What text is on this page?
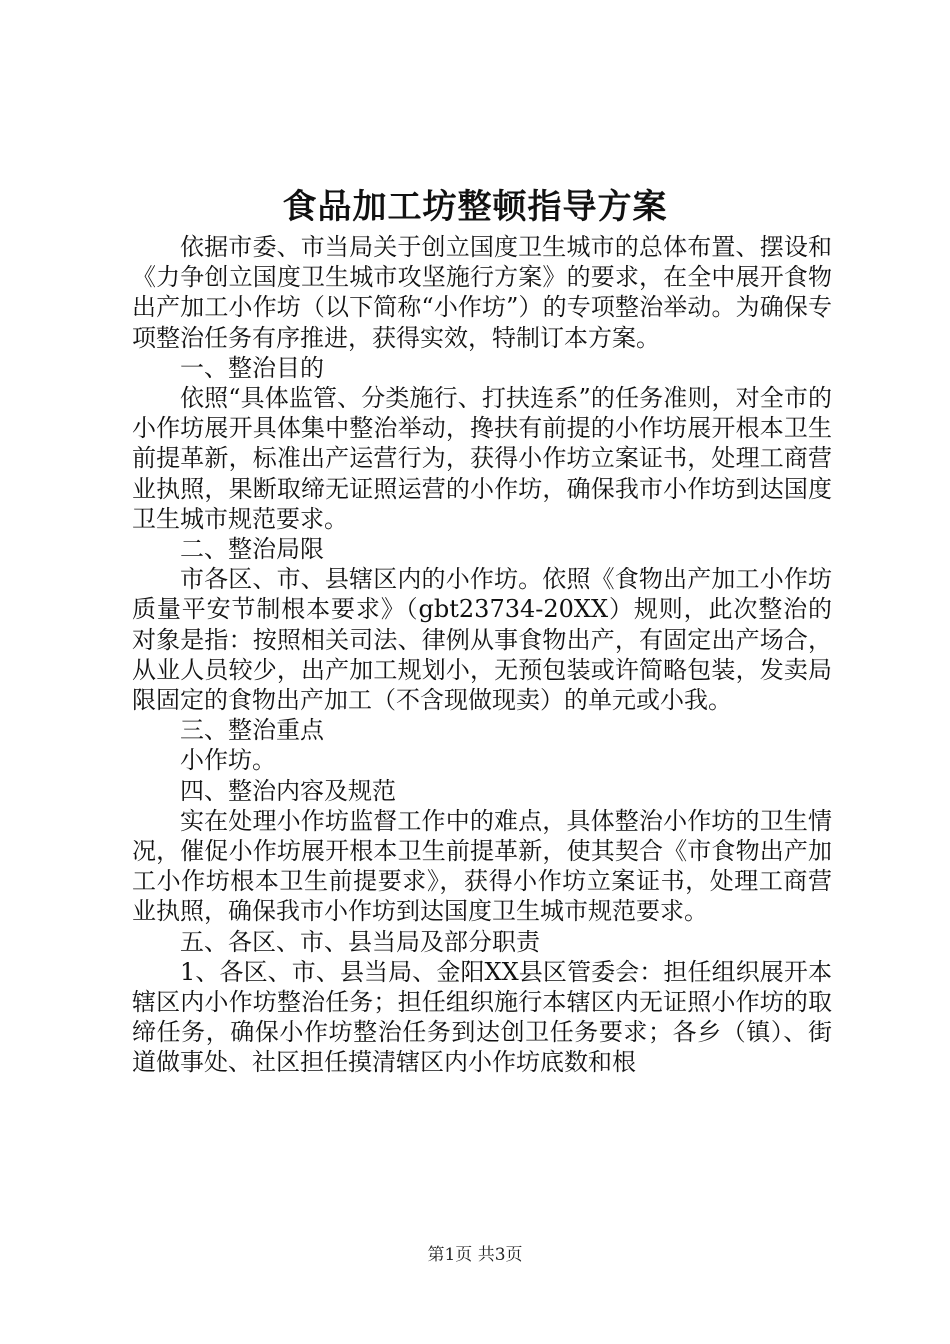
食品加工坊整顿指导方案

依据市委、市当局关于创立国度卫生城市的总体布置、摆设和《力争创立国度卫生城市攻坚施行方案》的要求，在全中展开食物出产加工小作坊（以下简称“小作坊”）的专项整治举动。为确保专项整治任务有序推进，获得实效，特制订本方案。

一、整治目的

依照“具体监管、分类施行、打扶连系”的任务准则，对全市的小作坊展开具体集中整治举动，搀扶有前提的小作坊展开根本卫生前提革新，标准出产运营行为，获得小作坊立案证书，处理工商营业执照，果断取缔无证照运营的小作坊，确保我市小作坊到达国度卫生城市规范要求。

二、整治局限

市各区、市、县辖区内的小作坊。依照《食物出产加工小作坊质量平安节制根本要求》（gbt23734-20XX）规则，此次整治的对象是指：按照相关司法、律例从事食物出产，有固定出产场合，从业人员较少，出产加工规划小，无预包装或许简略包装，发卖局限固定的食物出产加工（不含现做现卖）的单元或小我。

三、整治重点

小作坊。

四、整治内容及规范

实在处理小作坊监督工作中的难点，具体整治小作坊的卫生情况，催促小作坊展开根本卫生前提革新，使其契合《市食物出产加工小作坊根本卫生前提要求》，获得小作坊立案证书，处理工商营业执照，确保我市小作坊到达国度卫生城市规范要求。

五、各区、市、县当局及部分职责

1、各区、市、县当局、金阳XX县区管委会：担任组织展开本辖区内小作坊整治任务；担任组织施行本辖区内无证照小作坊的取缔任务，确保小作坊整治任务到达创卫任务要求；各乡（镇）、街道做事处、社区担任摸清辖区内小作坊底数和根

第1页 共3页
